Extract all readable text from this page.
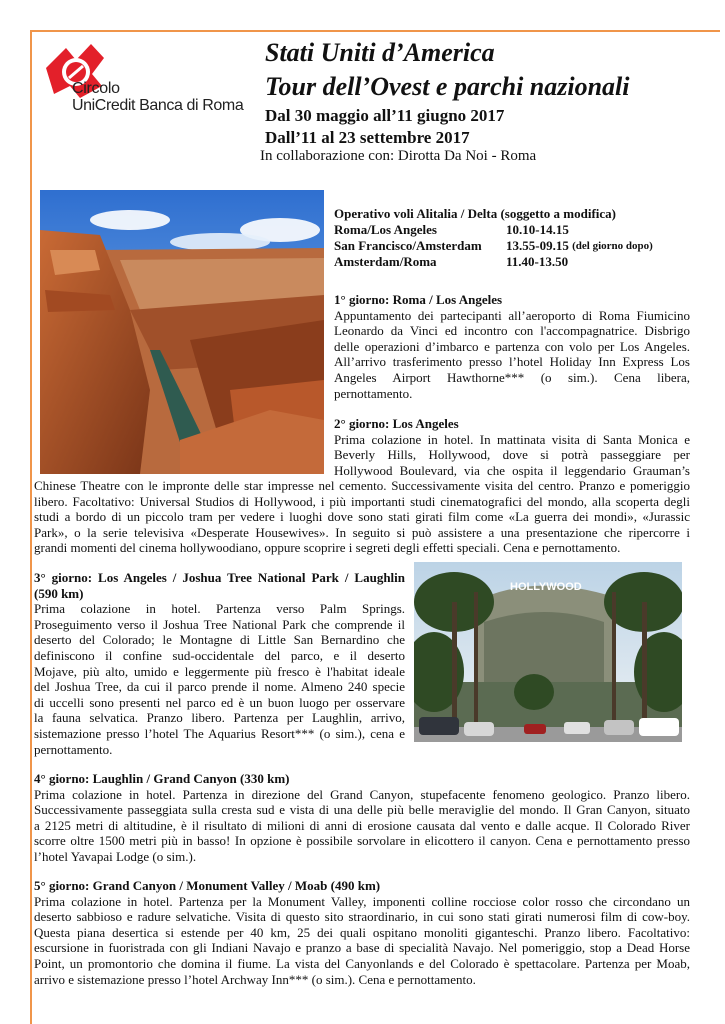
Circolo
UniCredit Banca di Roma
Stati Uniti d’America
Tour dell’Ovest e parchi nazionali
Dal 30 maggio all’11 giugno 2017
Dall’11 al 23 settembre 2017
In collaborazione con: Dirotta Da Noi - Roma
Operativo voli Alitalia / Delta (soggetto a modifica)
Roma/Los Angeles	10.10-14.15
San Francisco/Amsterdam	13.55-09.15
(del giorno dopo)
Amsterdam/Roma	11.40-13.50
1° giorno: Roma / Los Angeles
Appuntamento dei partecipanti all’aeroporto di Roma Fiumicino
Leonardo da Vinci ed incontro con l'accompagnatrice. Disbrigo
delle operazioni d’imbarco e partenza con volo per Los Angeles.
All’arrivo trasferimento presso l’hotel Holiday Inn Express Los
Angeles Airport Hawthorne*** (o sim.). Cena libera,
pernottamento.
2° giorno: Los Angeles
Prima colazione in hotel. In mattinata visita di Santa Monica e
Beverly Hills, Hollywood, dove si potrà passeggiare per
Hollywood Boulevard, via che ospita il leggendario Grauman’s
Chinese Theatre con le impronte delle star impresse nel cemento. Successivamente visita del centro. Pranzo e pomeriggio
libero. Facoltativo: Universal Studios di Hollywood, i più importanti studi cinematografici del mondo, alla scoperta degli
studi a bordo di un piccolo tram per vedere i luoghi dove sono stati girati film come «La guerra dei mondi», «Jurassic
Park», o la serie televisiva «Desperate Housewives». In seguito si può assistere a una presentazione che ripercorre i
grandi momenti del cinema hollywoodiano, oppure scoprire i segreti degli effetti speciali. Cena e pernottamento.
3° giorno: Los Angeles / Joshua Tree National Park / Laughlin
(590 km)
Prima colazione in hotel. Partenza verso Palm Springs.
Proseguimento verso il Joshua Tree National Park che comprende il
deserto del Colorado; le Montagne di Little San Bernardino che
definiscono il confine sud-occidentale del parco, e il deserto
Mojave, più alto, umido e leggermente più fresco è l'habitat ideale
del Joshua Tree, da cui il parco prende il nome. Almeno 240 specie
di uccelli sono presenti nel parco ed è un buon luogo per osservare
la fauna selvatica. Pranzo libero. Partenza per Laughlin, arrivo,
sistemazione presso l’hotel The Aquarius Resort*** (o sim.), cena e
pernottamento.
HOLLYWOOD
4° giorno: Laughlin / Grand Canyon (330 km)
Prima colazione in hotel. Partenza in direzione del Grand Canyon, stupefacente fenomeno geologico. Pranzo libero.
Successivamente passeggiata sulla cresta sud e vista di una delle più belle meraviglie del mondo. Il Gran Canyon, situato
a 2125 metri di altitudine, è il risultato di milioni di anni di erosione causata dal vento e dalle acque. Il Colorado River
scorre oltre 1500 metri più in basso! In opzione è possibile sorvolare in elicottero il canyon. Cena e pernottamento presso
l’hotel Yavapai Lodge (o sim.).
5° giorno: Grand Canyon / Monument Valley / Moab (490 km)
Prima colazione in hotel. Partenza per la Monument Valley, imponenti colline rocciose color rosso che circondano un
deserto sabbioso e radure selvatiche. Visita di questo sito straordinario, in cui sono stati girati numerosi film di cow-boy.
Questa piana desertica si estende per 40 km, 25 dei quali ospitano monoliti giganteschi. Pranzo libero. Facoltativo:
escursione in fuoristrada con gli Indiani Navajo e pranzo a base di specialità Navajo. Nel pomeriggio, stop a Dead Horse
Point, un promontorio che domina il fiume. La vista del Canyonlands e del Colorado è spettacolare. Partenza per Moab,
arrivo e sistemazione presso l’hotel Archway Inn*** (o sim.). Cena e pernottamento.
